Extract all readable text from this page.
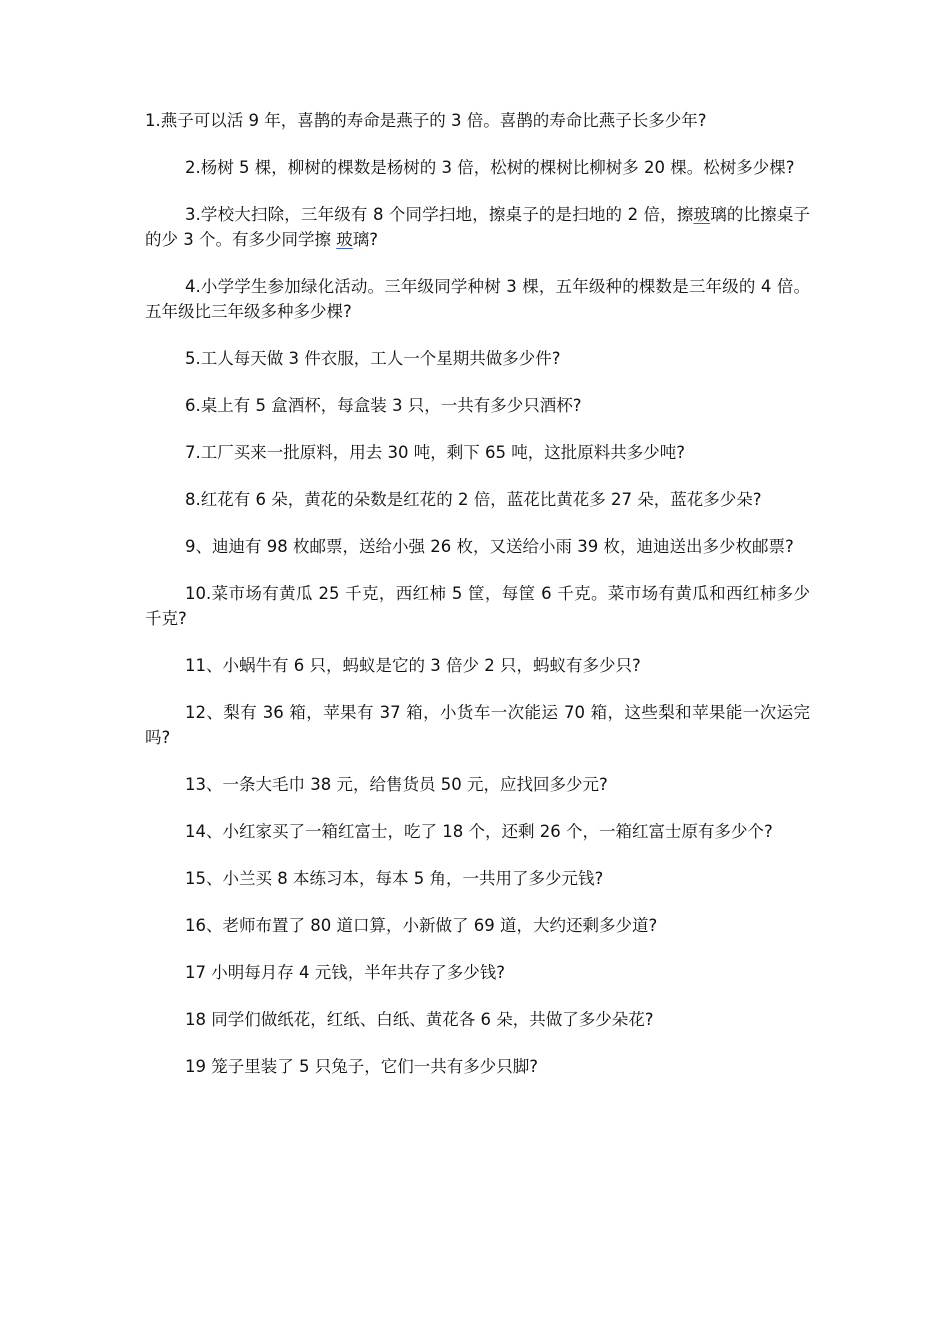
1.燕子可以活 9 年，喜鹊的寿命是燕子的 3 倍。喜鹊的寿命比燕子长多少年?

2.杨树 5 棵，柳树的棵数是杨树的 3 倍，松树的棵树比柳树多 20 棵。松树多少棵?

3.学校大扫除，三年级有 8 个同学扫地，擦桌子的是扫地的 2 倍，擦玻璃的比擦桌子的少 3 个。有多少同学擦 玻璃?

4.小学学生参加绿化活动。三年级同学种树 3 棵，五年级种的棵数是三年级的 4 倍。五年级比三年级多种多少棵?

5.工人每天做 3 件衣服，工人一个星期共做多少件?

6.桌上有 5 盒酒杯，每盒装 3 只，一共有多少只酒杯?

7.工厂买来一批原料，用去 30 吨，剩下 65 吨，这批原料共多少吨?

8.红花有 6 朵，黄花的朵数是红花的 2 倍，蓝花比黄花多 27 朵，蓝花多少朵?

9、迪迪有 98 枚邮票，送给小强 26 枚，又送给小雨 39 枚，迪迪送出多少枚邮票?

10.菜市场有黄瓜 25 千克，西红柿 5 筐，每筐 6 千克。菜市场有黄瓜和西红柿多少千克?

11、小蜗牛有 6 只，蚂蚁是它的 3 倍少 2 只，蚂蚁有多少只?

12、梨有 36 箱，苹果有 37 箱，小货车一次能运 70 箱，这些梨和苹果能一次运完吗?

13、一条大毛巾 38 元，给售货员 50 元，应找回多少元?

14、小红家买了一箱红富士，吃了 18 个，还剩 26 个，一箱红富士原有多少个?

15、小兰买 8 本练习本，每本 5 角，一共用了多少元钱?

16、老师布置了 80 道口算，小新做了 69 道，大约还剩多少道?

17 小明每月存 4 元钱，半年共存了多少钱?

18 同学们做纸花，红纸、白纸、黄花各 6 朵，共做了多少朵花?

19 笼子里装了 5 只兔子，它们一共有多少只脚?
